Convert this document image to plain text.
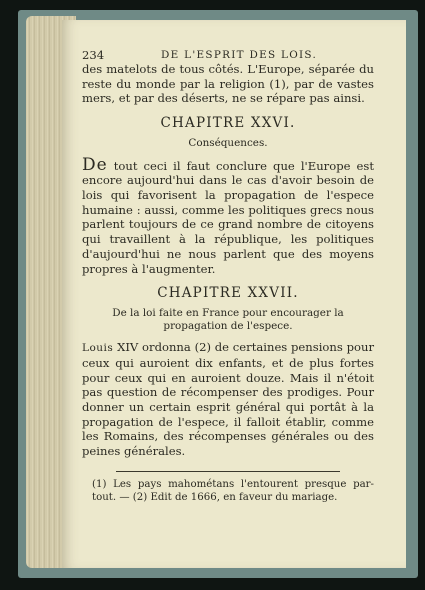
234	DE L'ESPRIT DES LOIS.

des matelots de tous côtés. L'Europe, séparée du reste du monde par la religion (1), par de vastes mers, et par des déserts, ne se répare pas ainsi.

CHAPITRE XXVI.
Conséquences.

De tout ceci il faut conclure que l'Europe est encore aujourd'hui dans le cas d'avoir besoin de lois qui favorisent la propagation de l'espece humaine : aussi, comme les politiques grecs nous parlent toujours de ce grand nombre de citoyens qui travaillent à la république, les politiques d'aujourd'hui ne nous parlent que des moyens propres à l'augmenter.

CHAPITRE XXVII.
De la loi faite en France pour encourager la propagation de l'espece.

Louis XIV ordonna (2) de certaines pensions pour ceux qui auroient dix enfants, et de plus fortes pour ceux qui en auroient douze. Mais il n'étoit pas question de récompenser des prodiges. Pour donner un certain esprit général qui portât à la propagation de l'espece, il falloit établir, comme les Romains, des récompenses générales ou des peines générales.

(1) Les pays mahométans l'entourent presque par-tout. — (2) Edit de 1666, en faveur du mariage.
